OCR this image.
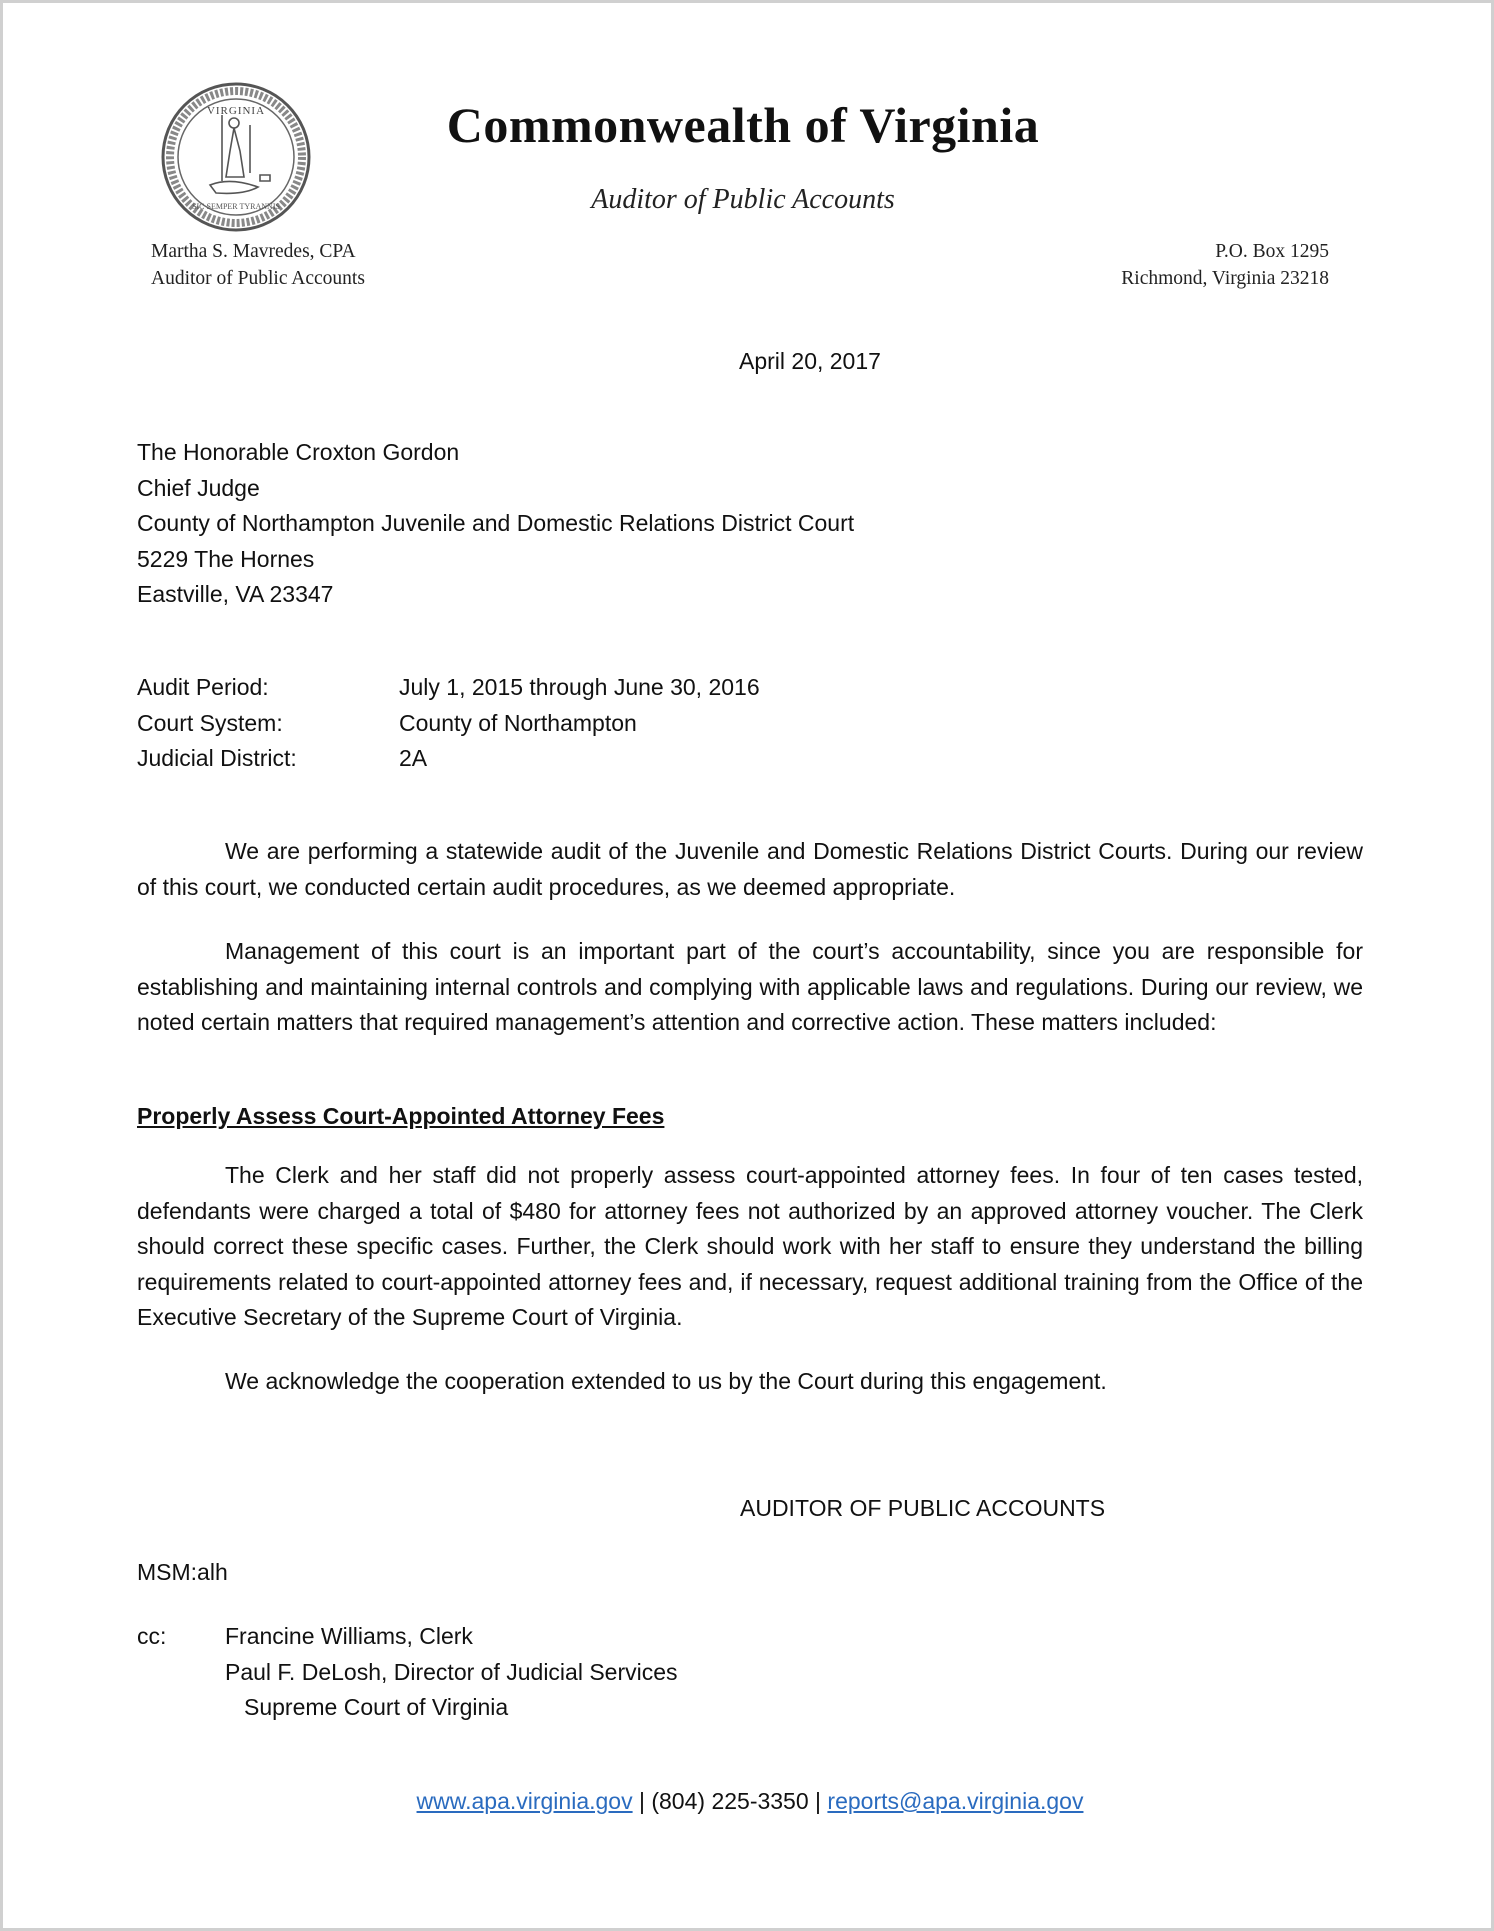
VIRGINIA
SIC SEMPER TYRANNIS
Commonwealth of Virginia
Auditor of Public Accounts
Martha S. Mavredes, CPA
Auditor of Public Accounts
P.O. Box 1295
Richmond, Virginia 23218
April 20, 2017
The Honorable Croxton Gordon
Chief Judge
County of Northampton Juvenile and Domestic Relations District Court
5229 The Hornes
Eastville, VA 23347
Audit Period:	July 1, 2015 through June 30, 2016
Court System:	County of Northampton
Judicial District:	2A
We are performing a statewide audit of the Juvenile and Domestic Relations District Courts. During our review of this court, we conducted certain audit procedures, as we deemed appropriate.
Management of this court is an important part of the court’s accountability, since you are responsible for establishing and maintaining internal controls and complying with applicable laws and regulations. During our review, we noted certain matters that required management’s attention and corrective action. These matters included:
Properly Assess Court-Appointed Attorney Fees
The Clerk and her staff did not properly assess court-appointed attorney fees. In four of ten cases tested, defendants were charged a total of $480 for attorney fees not authorized by an approved attorney voucher. The Clerk should correct these specific cases. Further, the Clerk should work with her staff to ensure they understand the billing requirements related to court-appointed attorney fees and, if necessary, request additional training from the Office of the Executive Secretary of the Supreme Court of Virginia.
We acknowledge the cooperation extended to us by the Court during this engagement.
AUDITOR OF PUBLIC ACCOUNTS
MSM:alh
cc:	Francine Williams, Clerk
Paul F. DeLosh, Director of Judicial Services
Supreme Court of Virginia
www.apa.virginia.gov | (804) 225-3350 | reports@apa.virginia.gov
